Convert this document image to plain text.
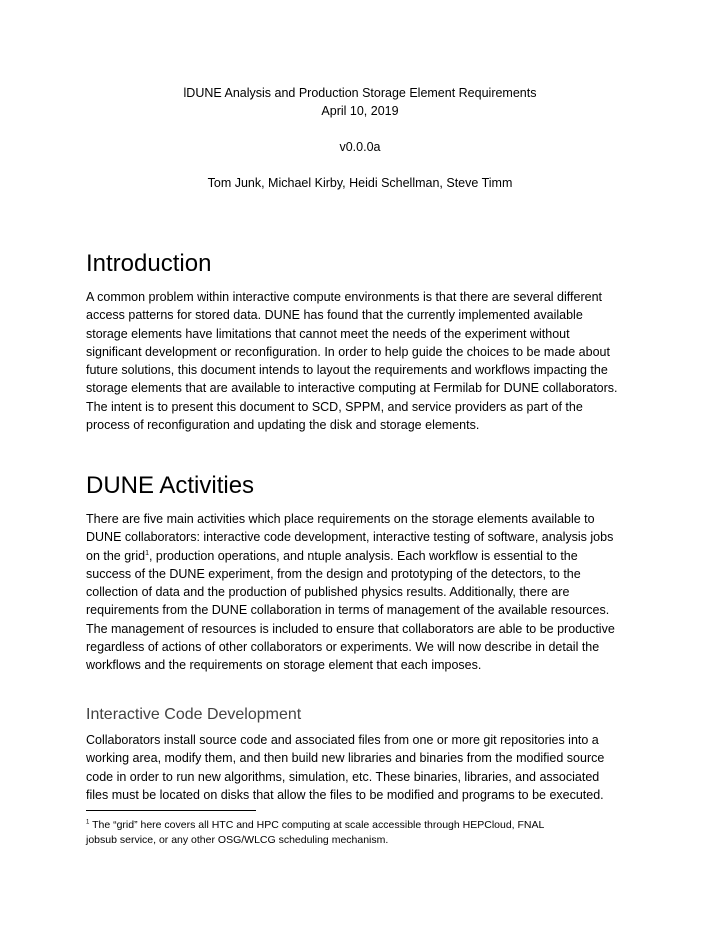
lDUNE Analysis and Production Storage Element Requirements
April 10, 2019
v0.0.0a
Tom Junk, Michael Kirby, Heidi Schellman, Steve Timm
Introduction
A common problem within interactive compute environments is that there are several different
access patterns for stored data. DUNE has found that the currently implemented available
storage elements have limitations that cannot meet the needs of the experiment without
significant development or reconfiguration. In order to help guide the choices to be made about
future solutions, this document intends to layout the requirements and workflows impacting the
storage elements that are available to interactive computing at Fermilab for DUNE collaborators.
The intent is to present this document to SCD, SPPM, and service providers as part of the
process of reconfiguration and updating the disk and storage elements.
DUNE Activities
There are five main activities which place requirements on the storage elements available to
DUNE collaborators: interactive code development, interactive testing of software, analysis jobs
on the grid$^1$, production operations, and ntuple analysis. Each workflow is essential to the
success of the DUNE experiment, from the design and prototyping of the detectors, to the
collection of data and the production of published physics results. Additionally, there are
requirements from the DUNE collaboration in terms of management of the available resources.
The management of resources is included to ensure that collaborators are able to be productive
regardless of actions of other collaborators or experiments. We will now describe in detail the
workflows and the requirements on storage element that each imposes.
Interactive Code Development
Collaborators install source code and associated files from one or more git repositories into a
working area, modify them, and then build new libraries and binaries from the modified source
code in order to run new algorithms, simulation, etc. These binaries, libraries, and associated
files must be located on disks that allow the files to be modified and programs to be executed.
$^1$ The “grid” here covers all HTC and HPC computing at scale accessible through HEPCloud, FNAL
jobsub service, or any other OSG/WLCG scheduling mechanism.
